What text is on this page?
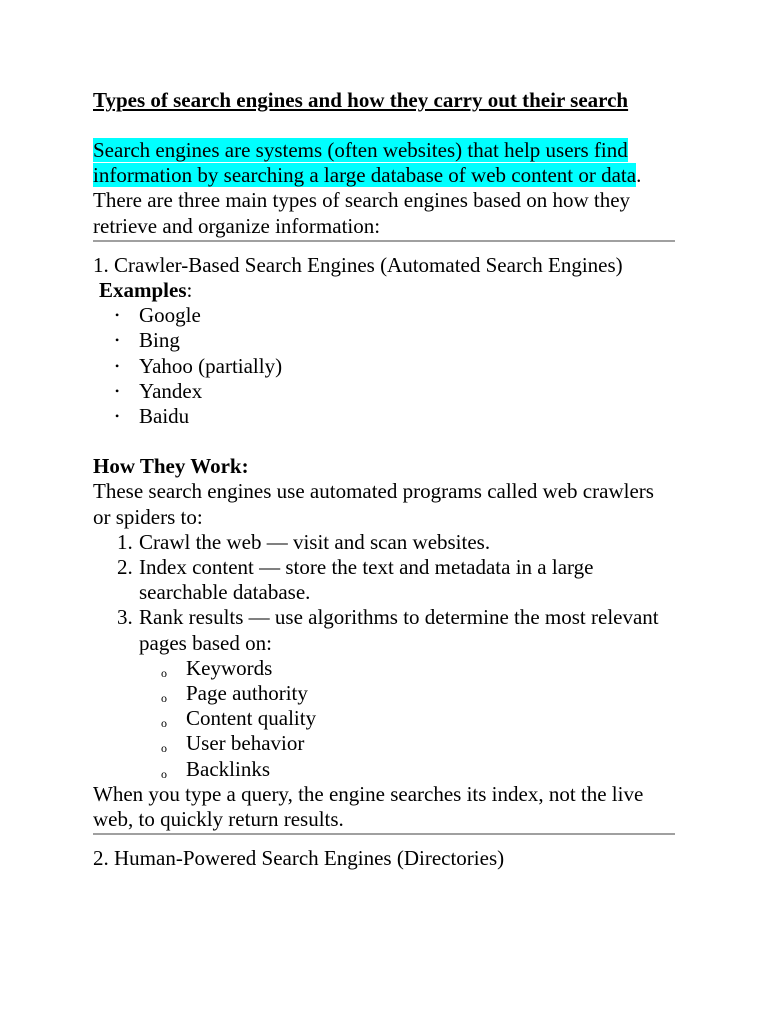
Types of search engines and how they carry out their search

Search engines are systems (often websites) that help users find information by searching a large database of web content or data. There are three main types of search engines based on how they retrieve and organize information:

1. Crawler-Based Search Engines (Automated Search Engines)

Examples:

• Google
• Bing
• Yahoo (partially)
• Yandex
• Baidu

How They Work:

These search engines use automated programs called web crawlers or spiders to:

1. Crawl the web — visit and scan websites.
2. Index content — store the text and metadata in a large searchable database.
3. Rank results — use algorithms to determine the most relevant pages based on:
o Keywords
o Page authority
o Content quality
o User behavior
o Backlinks

When you type a query, the engine searches its index, not the live web, to quickly return results.

2. Human-Powered Search Engines (Directories)
